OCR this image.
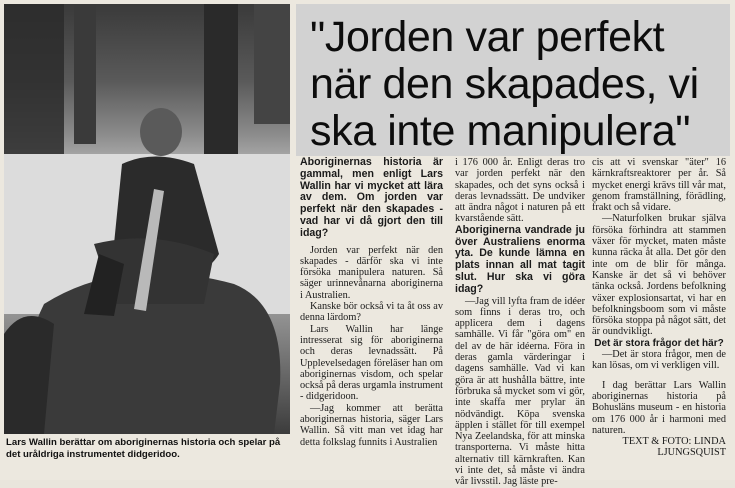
Lars Wallin berättar om aboriginernas historia och spelar på det uråldriga instrumentet didgeridoo.
"Jorden var perfekt när den skapades, vi ska inte manipulera"

Aboriginernas historia är gammal, men enligt Lars Wallin har vi mycket att lära av dem. Om jorden var perfekt när den skapades - vad har vi då gjort den till idag?

Jorden var perfekt när den skapades - därför ska vi inte försöka manipulera naturen. Så säger urinnevånarna aboriginerna i Australien.

Kanske bör också vi ta åt oss av denna lärdom?

Lars Wallin har länge intresserat sig för aboriginerna och deras levnadssätt. På Upplevelsedagen föreläser han om aboriginernas visdom, och spelar också på deras urgamla instrument - didgeridoon.

—Jag kommer att berätta aboriginernas historia, säger Lars Wallin. Så vitt man vet idag har detta folkslag funnits i Australien

i 176 000 år. Enligt deras tro var jorden perfekt när den skapades, och det syns också i deras levnadssätt. De undviker att ändra något i naturen på ett kvarstående sätt.

Aboriginerna vandrade ju över Australiens enorma yta. De kunde lämna en plats innan all mat tagit slut. Hur ska vi göra idag?

—Jag vill lyfta fram de idéer som finns i deras tro, och applicera dem i dagens samhälle. Vi får "göra om" en del av de här idéerna. Föra in deras gamla värderingar i dagens samhälle. Vad vi kan göra är att hushålla bättre, inte förbruka så mycket som vi gör, inte skaffa mer prylar än nödvändigt. Köpa svenska äpplen i stället för till exempel Nya Zeelandska, för att minska transporterna. Vi måste hitta alternativ till kärnkraften. Kan vi inte det, så måste vi ändra vår livsstil. Jag läste pre-

cis att vi svenskar "äter" 16 kärnkraftsreaktorer per år. Så mycket energi krävs till vår mat, genom framställning, förädling, frakt och så vidare.

—Naturfolken brukar själva försöka förhindra att stammen växer för mycket, maten måste kunna räcka åt alla. Det gör den inte om de blir för många. Kanske är det så vi behöver tänka också. Jordens befolkning växer explosionsartat, vi har en befolkningsboom som vi måste försöka stoppa på något sätt, det är oundvikligt.

Det är stora frågor det här?

—Det är stora frågor, men de kan lösas, om vi verkligen vill.

I dag berättar Lars Wallin aboriginernas historia på Bohusläns museum - en historia om 176 000 år i harmoni med naturen.

TEXT & FOTO: LINDA LJUNGSQUIST
